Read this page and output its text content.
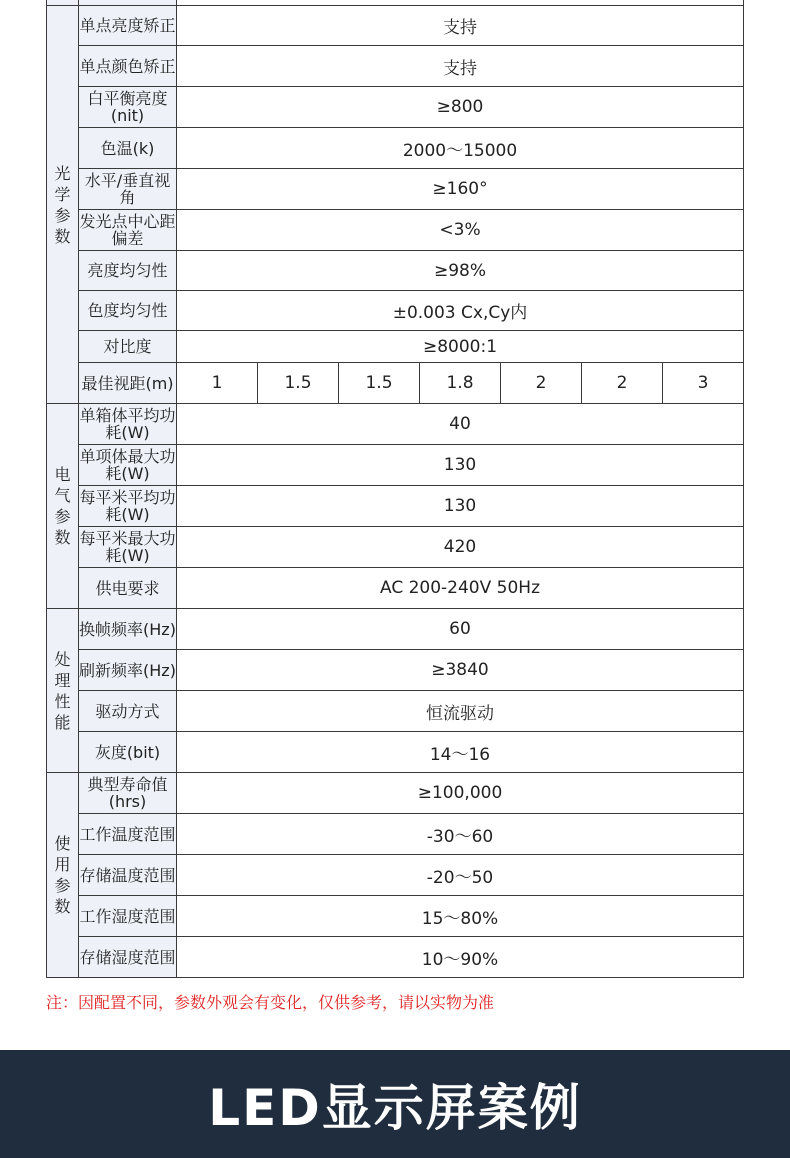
光学参数	单点亮度矫正	支持						
	单点颜色矫正	支持						
	白平衡亮度(nit)	≥800						
	色温(k)	2000～15000						
	水平/垂直视角	≥160°						
	发光点中心距偏差	<3%						
	亮度均匀性	≥98%						
	色度均匀性	±0.003 Cx,Cy内						
	对比度	≥8000:1						
	最佳视距(m)	1	1.5	1.5	1.8	2	2	3
电气参数	单箱体平均功耗(W)	40						
	单项体最大功耗(W)	130						
	每平米平均功耗(W)	130						
	每平米最大功耗(W)	420						
	供电要求	AC 200-240V 50Hz						
处理性能	换帧频率(Hz)	60						
	刷新频率(Hz)	≥3840						
	驱动方式	恒流驱动						
	灰度(bit)	14～16						
使用参数	典型寿命值(hrs)	≥100,000						
	工作温度范围	-30～60						
	存储温度范围	-20～50						
	工作湿度范围	15～80%						
	存储湿度范围	10～90%						
注：因配置不同，参数外观会有变化，仅供参考，请以实物为准
LED显示屏案例
